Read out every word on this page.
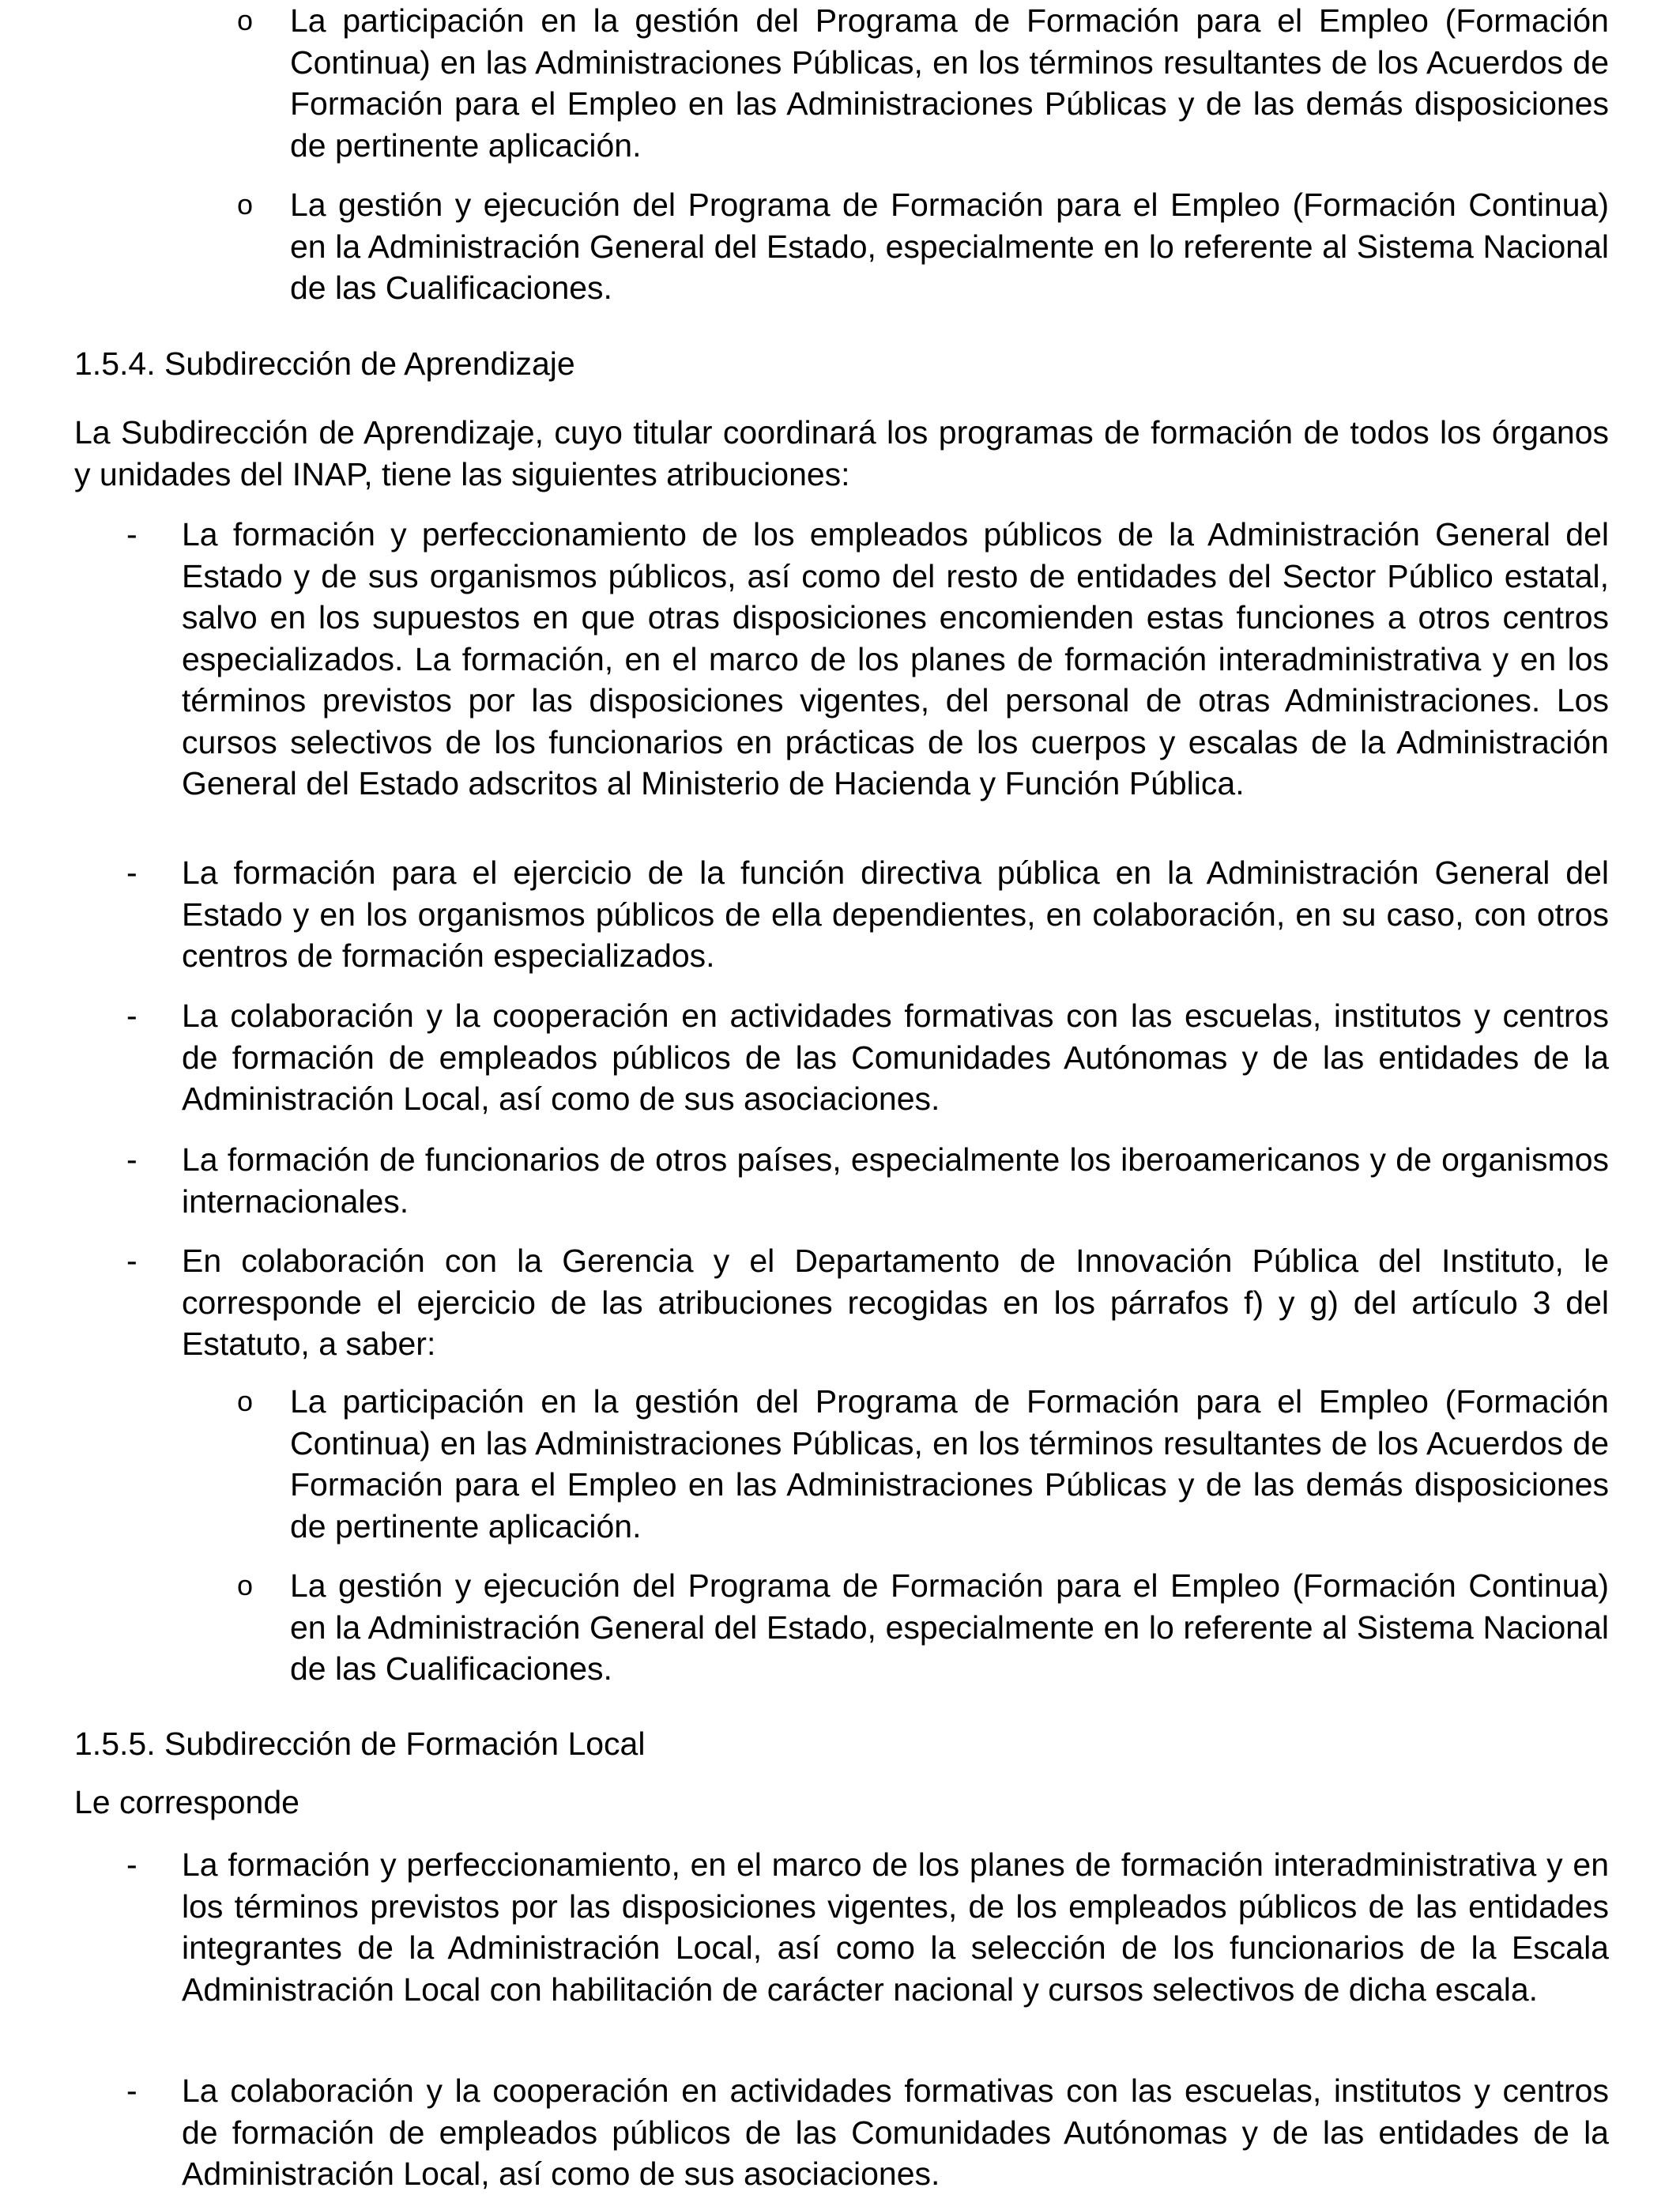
o La participación en la gestión del Programa de Formación para el Empleo (Formación Continua) en las Administraciones Públicas, en los términos resultantes de los Acuerdos de Formación para el Empleo en las Administraciones Públicas y de las demás disposiciones de pertinente aplicación.

o La gestión y ejecución del Programa de Formación para el Empleo (Formación Continua) en la Administración General del Estado, especialmente en lo referente al Sistema Nacional de las Cualificaciones.

1.5.4. Subdirección de Aprendizaje

La Subdirección de Aprendizaje, cuyo titular coordinará los programas de formación de todos los órganos y unidades del INAP, tiene las siguientes atribuciones:

- La formación y perfeccionamiento de los empleados públicos de la Administración General del Estado y de sus organismos públicos, así como del resto de entidades del Sector Público estatal, salvo en los supuestos en que otras disposiciones encomienden estas funciones a otros centros especializados. La formación, en el marco de los planes de formación interadministrativa y en los términos previstos por las disposiciones vigentes, del personal de otras Administraciones. Los cursos selectivos de los funcionarios en prácticas de los cuerpos y escalas de la Administración General del Estado adscritos al Ministerio de Hacienda y Función Pública.

- La formación para el ejercicio de la función directiva pública en la Administración General del Estado y en los organismos públicos de ella dependientes, en colaboración, en su caso, con otros centros de formación especializados.

- La colaboración y la cooperación en actividades formativas con las escuelas, institutos y centros de formación de empleados públicos de las Comunidades Autónomas y de las entidades de la Administración Local, así como de sus asociaciones.

- La formación de funcionarios de otros países, especialmente los iberoamericanos y de organismos internacionales.

- En colaboración con la Gerencia y el Departamento de Innovación Pública del Instituto, le corresponde el ejercicio de las atribuciones recogidas en los párrafos f) y g) del artículo 3 del Estatuto, a saber:

o La participación en la gestión del Programa de Formación para el Empleo (Formación Continua) en las Administraciones Públicas, en los términos resultantes de los Acuerdos de Formación para el Empleo en las Administraciones Públicas y de las demás disposiciones de pertinente aplicación.

o La gestión y ejecución del Programa de Formación para el Empleo (Formación Continua) en la Administración General del Estado, especialmente en lo referente al Sistema Nacional de las Cualificaciones.

1.5.5. Subdirección de Formación Local

Le corresponde

- La formación y perfeccionamiento, en el marco de los planes de formación interadministrativa y en los términos previstos por las disposiciones vigentes, de los empleados públicos de las entidades integrantes de la Administración Local, así como la selección de los funcionarios de la Escala Administración Local con habilitación de carácter nacional y cursos selectivos de dicha escala.

- La colaboración y la cooperación en actividades formativas con las escuelas, institutos y centros de formación de empleados públicos de las Comunidades Autónomas y de las entidades de la Administración Local, así como de sus asociaciones.
